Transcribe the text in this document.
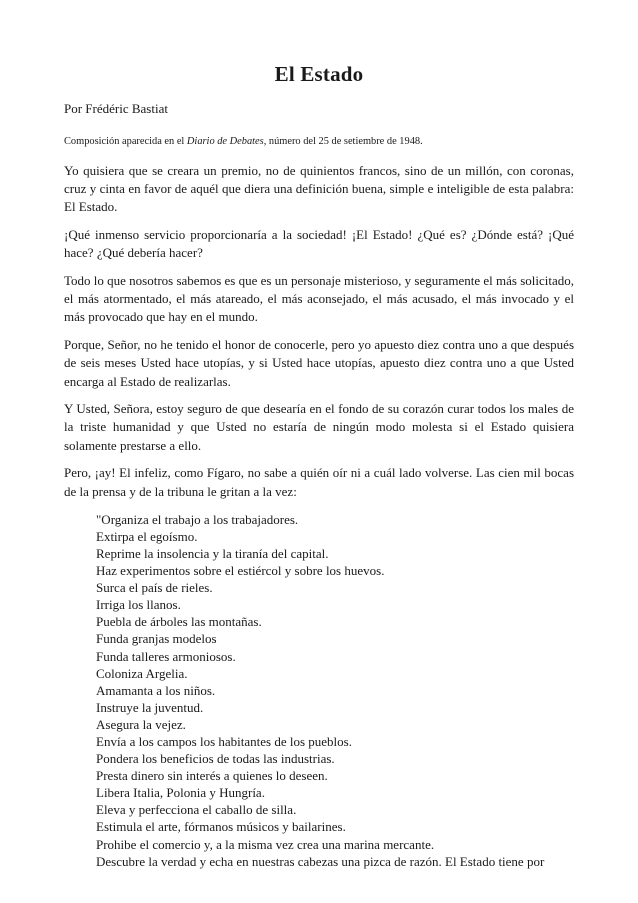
El Estado
Por Frédéric Bastiat
Composición aparecida en el Diario de Debates, número del 25 de setiembre de 1948.

Yo quisiera que se creara un premio, no de quinientos francos, sino de un millón, con coronas, cruz y cinta en favor de aquél que diera una definición buena, simple e inteligible de esta palabra: El Estado.

¡Qué inmenso servicio proporcionaría a la sociedad! ¡El Estado! ¿Qué es? ¿Dónde está? ¡Qué hace? ¿Qué debería hacer?

Todo lo que nosotros sabemos es que es un personaje misterioso, y seguramente el más solicitado, el más atormentado, el más atareado, el más aconsejado, el más acusado, el más invocado y el más provocado que hay en el mundo.

Porque, Señor, no he tenido el honor de conocerle, pero yo apuesto diez contra uno a que después de seis meses Usted hace utopías, y si Usted hace utopías, apuesto diez contra uno a que Usted encarga al Estado de realizarlas.

Y Usted, Señora, estoy seguro de que desearía en el fondo de su corazón curar todos los males de la triste humanidad y que Usted no estaría de ningún modo molesta si el Estado quisiera solamente prestarse a ello.

Pero, ¡ay! El infeliz, como Fígaro, no sabe a quién oír ni a cuál lado volverse. Las cien mil bocas de la prensa y de la tribuna le gritan a la vez:

"Organiza el trabajo a los trabajadores.
Extirpa el egoísmo.
Reprime la insolencia y la tiranía del capital.
Haz experimentos sobre el estiércol y sobre los huevos.
Surca el país de rieles.
Irriga los llanos.
Puebla de árboles las montañas.
Funda granjas modelos
Funda talleres armoniosos.
Coloniza Argelia.
Amamanta a los niños.
Instruye la juventud.
Asegura la vejez.
Envía a los campos los habitantes de los pueblos.
Pondera los beneficios de todas las industrias.
Presta dinero sin interés a quienes lo deseen.
Libera Italia, Polonia y Hungría.
Eleva y perfecciona el caballo de silla.
Estimula el arte, fórmanos músicos y bailarines.
Prohibe el comercio y, a la misma vez crea una marina mercante.
Descubre la verdad y echa en nuestras cabezas una pizca de razón. El Estado tiene por
